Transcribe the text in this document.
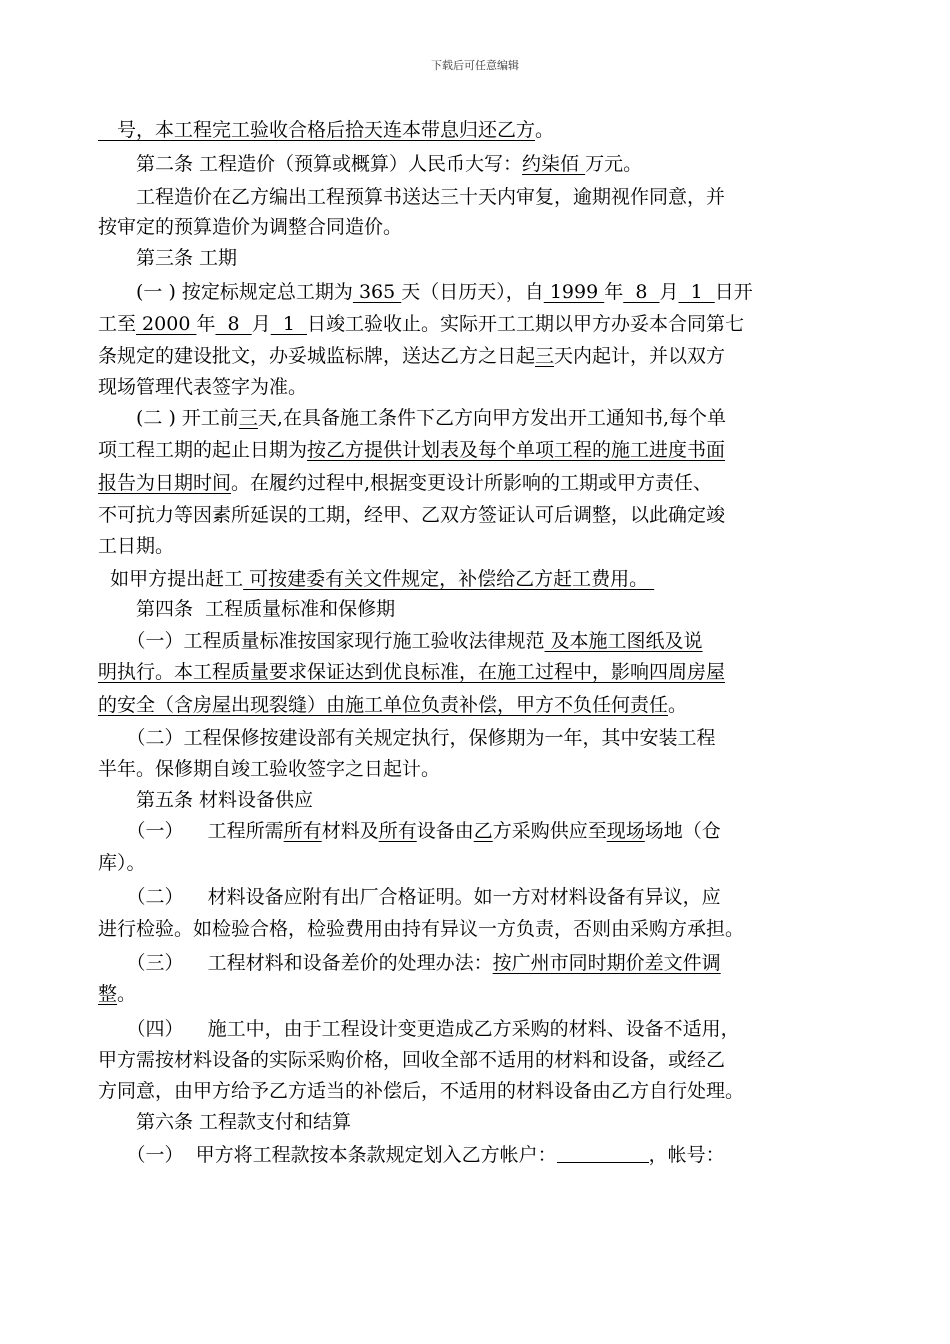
下载后可任意编辑
　号，本工程完工验收合格后拾天连本带息归还乙方。
　　第二条 工程造价（预算或概算）人民币大写：约柒佰 万元。
　　工程造价在乙方编出工程预算书送达三十天内审复，逾期视作同意，并
按审定的预算造价为调整合同造价。
　　第三条 工期
　　(一 ) 按定标规定总工期为 365 天（日历天），自 1999 年  8  月  1  日开
工至 2000 年  8  月  1  日竣工验收止。实际开工工期以甲方办妥本合同第七
条规定的建设批文，办妥城监标牌，送达乙方之日起三天内起计，并以双方
现场管理代表签字为准。
　　(二 ) 开工前三天,在具备施工条件下乙方向甲方发出开工通知书,每个单
项工程工期的起止日期为按乙方提供计划表及每个单项工程的施工进度书面
报告为日期时间。在履约过程中,根据变更设计所影响的工期或甲方责任、
不可抗力等因素所延误的工期，经甲、乙双方签证认可后调整，以此确定竣
工日期。
如甲方提出赶工 可按建委有关文件规定，补偿给乙方赶工费用。
　　第四条  工程质量标准和保修期
　　（一）工程质量标准按国家现行施工验收法律规范 及本施工图纸及说
明执行。本工程质量要求保证达到优良标准，在施工过程中，影响四周房屋
的安全（含房屋出现裂缝）由施工单位负责补偿，甲方不负任何责任。
　　（二）工程保修按建设部有关规定执行，保修期为一年，其中安装工程
半年。保修期自竣工验收签字之日起计。
　　第五条 材料设备供应
　　（一）    工程所需所有材料及所有设备由乙方采购供应至现场场地（仓
库）。
　　（二）    材料设备应附有出厂合格证明。如一方对材料设备有异议，应
进行检验。如检验合格，检验费用由持有异议一方负责，否则由采购方承担。
　　（三）    工程材料和设备差价的处理办法：按广州市同时期价差文件调
整。
　　（四）    施工中，由于工程设计变更造成乙方采购的材料、设备不适用，
甲方需按材料设备的实际采购价格，回收全部不适用的材料和设备，或经乙
方同意，由甲方给予乙方适当的补偿后，不适用的材料设备由乙方自行处理。
　　第六条 工程款支付和结算
　　（一）  甲方将工程款按本条款规定划入乙方帐户：	，帐号：
